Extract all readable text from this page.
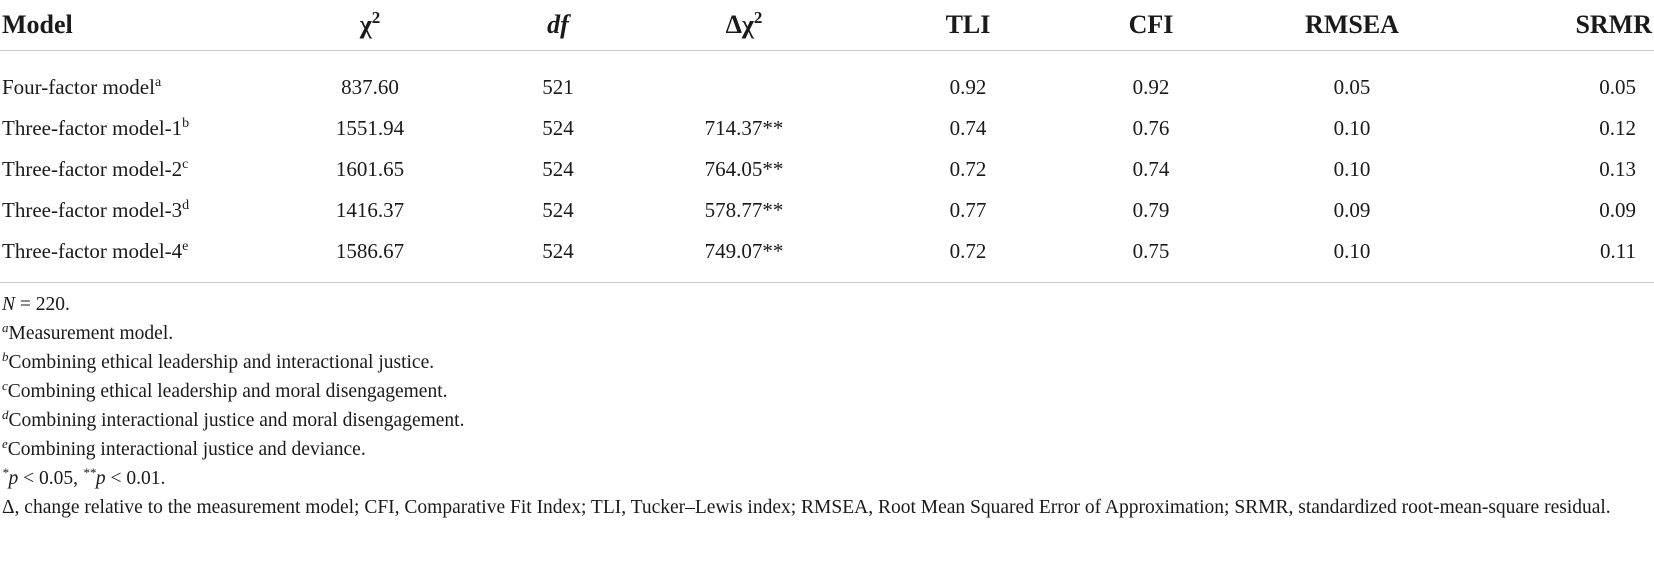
Model	$\chi^2$	df	$\Delta\chi^2$	TLI	CFI	RMSEA	SRMR
Four-factor model$^a$	837.60	521		0.92	0.92	0.05	0.05
Three-factor model-1$^b$	1551.94	524	714.37**	0.74	0.76	0.10	0.12
Three-factor model-2$^c$	1601.65	524	764.05**	0.72	0.74	0.10	0.13
Three-factor model-3$^d$	1416.37	524	578.77**	0.77	0.79	0.09	0.09
Three-factor model-4e	1586.67	524	749.07**	0.72	0.75	0.10	0.11
N = 220.
$^a$Measurement model.
$^b$Combining ethical leadership and interactional justice.
$^c$Combining ethical leadership and moral disengagement.
$^d$Combining interactional justice and moral disengagement.
$^e$Combining interactional justice and deviance.
*p < 0.05, **p < 0.01.
Δ, change relative to the measurement model; CFI, Comparative Fit Index; TLI, Tucker–Lewis index; RMSEA, Root Mean Squared Error of Approximation; SRMR, standardized root-mean-square residual.
